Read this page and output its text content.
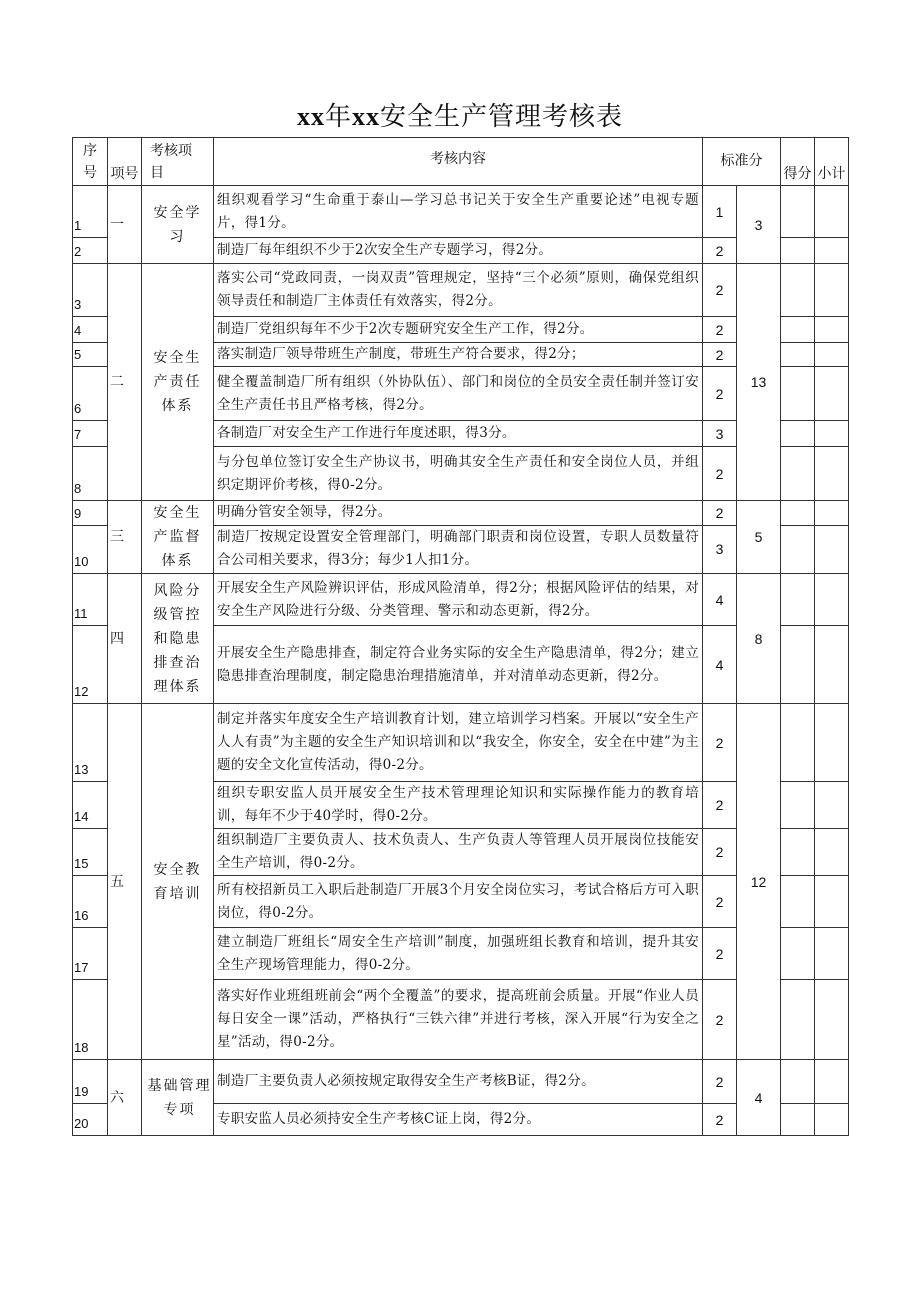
xx年xx安全生产管理考核表
序
号	项号	考核项
目	考核内容	标准分		得分	小计
1	一	安全学习	组织观看学习“生命重于泰山—学习总书记关于安全生产重要论述”电视专题片，得1分。	1	3		
2			制造厂每年组织不少于2次安全生产专题学习，得2分。	2			
3	二	安全生产责任体系	落实公司“党政同责，一岗双责”管理规定，坚持“三个必须”原则，确保党组织领导责任和制造厂主体责任有效落实，得2分。	2	13		
4			制造厂党组织每年不少于2次专题研究安全生产工作，得2分。	2			
5			落实制造厂领导带班生产制度，带班生产符合要求，得2分；	2			
6			健全覆盖制造厂所有组织（外协队伍）、部门和岗位的全员安全责任制并签订安全生产责任书且严格考核，得2分。	2			
7			各制造厂对安全生产工作进行年度述职，得3分。	3			
8			与分包单位签订安全生产协议书，明确其安全生产责任和安全岗位人员，并组织定期评价考核，得0-2分。	2			
9	三	安全生产监督体系	明确分管安全领导，得2分。	2	5		
10			制造厂按规定设置安全管理部门，明确部门职责和岗位设置，专职人员数量符合公司相关要求，得3分；每少1人扣1分。	3			
11	四	风险分级管控和隐患排查治理体系	开展安全生产风险辨识评估，形成风险清单，得2分；根据风险评估的结果，对安全生产风险进行分级、分类管理、警示和动态更新，得2分。	4	8		
12			开展安全生产隐患排查，制定符合业务实际的安全生产隐患清单，得2分；建立隐患排查治理制度，制定隐患治理措施清单，并对清单动态更新，得2分。	4			
13	五	安全教育培训	制定并落实年度安全生产培训教育计划，建立培训学习档案。开展以“安全生产人人有责”为主题的安全生产知识培训和以“我安全，你安全，安全在中建”为主题的安全文化宣传活动，得0-2分。	2	12		
14			组织专职安监人员开展安全生产技术管理理论知识和实际操作能力的教育培训，每年不少于40学时，得0-2分。	2			
15			组织制造厂主要负责人、技术负责人、生产负责人等管理人员开展岗位技能安全生产培训，得0-2分。	2			
16			所有校招新员工入职后赴制造厂开展3个月安全岗位实习，考试合格后方可入职岗位，得0-2分。	2			
17			建立制造厂班组长“周安全生产培训”制度，加强班组长教育和培训，提升其安全生产现场管理能力，得0-2分。	2			
18			落实好作业班组班前会“两个全覆盖”的要求，提高班前会质量。开展“作业人员每日安全一课”活动，严格执行“三铁六律”并进行考核，深入开展“行为安全之星”活动，得0-2分。	2			
19	六	基础管理专项	制造厂主要负责人必须按规定取得安全生产考核B证，得2分。	2	4		
20			专职安监人员必须持安全生产考核C证上岗，得2分。	2			
